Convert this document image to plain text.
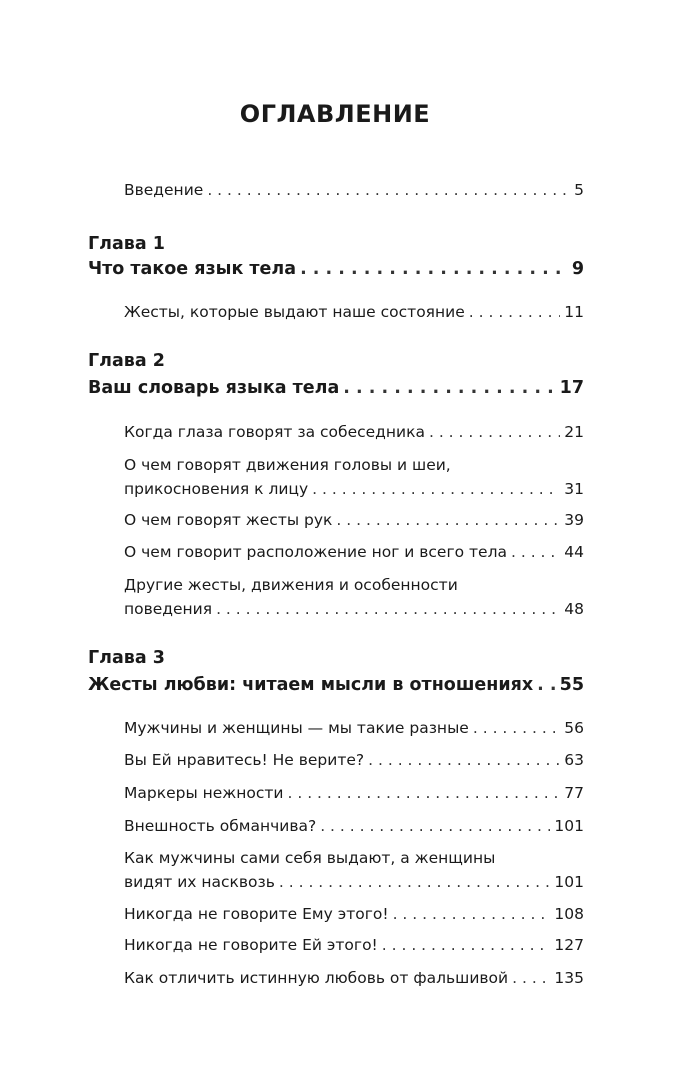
ОГЛАВЛЕНИЕ
Введение . . .	5
Глава 1
Что такое язык тела . . .	9
Жесты, которые выдают наше состояние . . .	11
Глава 2
Ваш словарь языка тела . . .	17
Когда глаза говорят за собеседника . . .	21
О чем говорят движения головы и шеи,
прикосновения к лицу . . .	31
О чем говорят жесты рук . . .	39
О чем говорит расположение ног и всего тела . . .	44
Другие жесты, движения и особенности
поведения . . .	48
Глава 3
Жесты любви: читаем мысли в отношениях . . . 55
Мужчины и женщины — мы такие разные . . .	56
Вы Ей нравитесь! Не верите? . . .	63
Маркеры нежности . . .	77
Внешность обманчива? . . .	101
Как мужчины сами себя выдают, а женщины
видят их насквозь . . .	101
Никогда не говорите Ему этого! . . .	108
Никогда не говорите Ей этого! . . .	127
Как отличить истинную любовь от фальшивой . . .	135
